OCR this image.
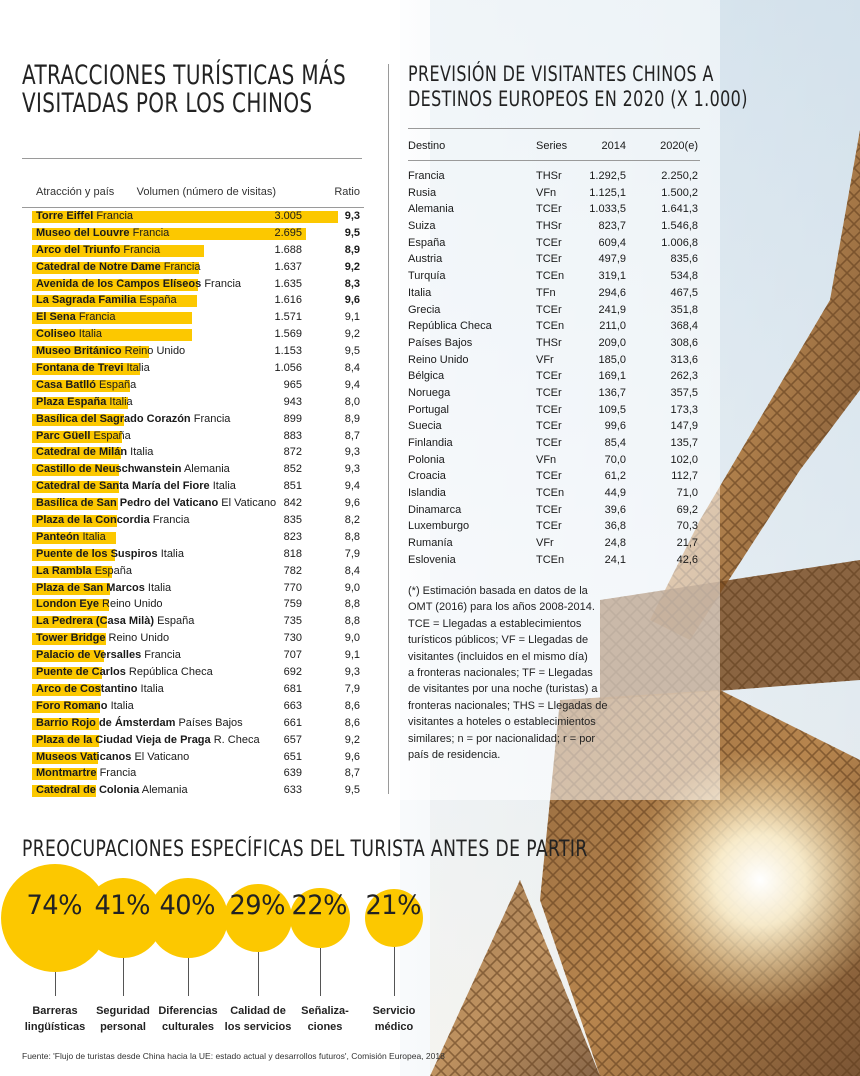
ATRACCIONES TURÍSTICAS MÁS
VISITADAS POR LOS CHINOS
Atracción y país Volumen (número de visitas)	Ratio
Torre Eiffel Francia	3.005	9,3
Museo del Louvre Francia	2.695	9,5
Arco del Triunfo Francia	1.688	8,9
Catedral de Notre Dame Francia	1.637	9,2
Avenida de los Campos Elíseos Francia	1.635	8,3
La Sagrada Familia España	1.616	9,6
El Sena Francia	1.571	9,1
Coliseo Italia	1.569	9,2
Museo Británico Reino Unido	1.153	9,5
Fontana de Trevi Italia	1.056	8,4
Casa Batlló España	965	9,4
Plaza España Italia	943	8,0
Basílica del Sagrado Corazón Francia	899	8,9
Parc Güell España	883	8,7
Catedral de Milán Italia	872	9,3
Castillo de Neuschwanstein Alemania	852	9,3
Catedral de Santa María del Fiore Italia	851	9,4
Basílica de San Pedro del Vaticano El Vaticano 842	9,6
Plaza de la Concordia Francia	835	8,2
Panteón Italia	823	8,8
Puente de los Suspiros Italia	818	7,9
La Rambla España	782	8,4
Plaza de San Marcos Italia	770	9,0
London Eye Reino Unido	759	8,8
La Pedrera (Casa Milà) España	735	8,8
Tower Bridge Reino Unido	730	9,0
Palacio de Versalles Francia	707	9,1
Puente de Carlos República Checa	692	9,3
Arco de Costantino Italia	681	7,9
Foro Romano Italia	663	8,6
Barrio Rojo de Ámsterdam Países Bajos	661	8,6
Plaza de la Ciudad Vieja de Praga R. Checa 657	9,2
Museos Vaticanos El Vaticano	651	9,6
Montmartre Francia	639	8,7
Catedral de Colonia Alemania	633	9,5
PREVISIÓN DE VISITANTES CHINOS A
DESTINOS EUROPEOS EN 2020 (X 1.000)
Destino	Series	2014	2020(e)
Francia	THSr	1.292,5	2.250,2
Rusia	VFn	1.125,1	1.500,2
Alemania	TCEr	1.033,5	1.641,3
Suiza	THSr	823,7	1.546,8
España	TCEr	609,4	1.006,8
Austria	TCEr	497,9	835,6
Turquía	TCEn	319,1	534,8
Italia	TFn	294,6	467,5
Grecia	TCEr	241,9	351,8
República Checa	TCEn	211,0	368,4
Países Bajos	THSr	209,0	308,6
Reino Unido	VFr	185,0	313,6
Bélgica	TCEr	169,1	262,3
Noruega	TCEr	136,7	357,5
Portugal	TCEr	109,5	173,3
Suecia	TCEr	99,6	147,9
Finlandia	TCEr	85,4	135,7
Polonia	VFn	70,0	102,0
Croacia	TCEr	61,2	112,7
Islandia	TCEn	44,9	71,0
Dinamarca	TCEr	39,6	69,2
Luxemburgo	TCEr	36,8	70,3
Rumanía	VFr	24,8	21,7
Eslovenia	TCEn	24,1	42,6

(*) Estimación basada en datos de la

OMT (2016) para los años 2008-2014.

TCE = Llegadas a establecimientos

turísticos públicos; VF = Llegadas de

visitantes (incluidos en el mismo día)

a fronteras nacionales; TF = Llegadas

de visitantes por una noche (turistas) a

fronteras nacionales; THS = Llegadas de

visitantes a hoteles o establecimientos

similares; n = por nacionalidad; r = por

país de residencia.

PREOCUPACIONES ESPECÍFICAS DEL TURISTA ANTES DE PARTIR
74%
Barreras
lingüísticas
41%
Seguridad
personal
40%
Diferencias
culturales
29%
Calidad de
los servicios
22%
Señaliza-
ciones
21%
Servicio
médico
Fuente: 'Flujo de turistas desde China hacia la UE: estado actual y desarrollos futuros', Comisión Europea, 2018
